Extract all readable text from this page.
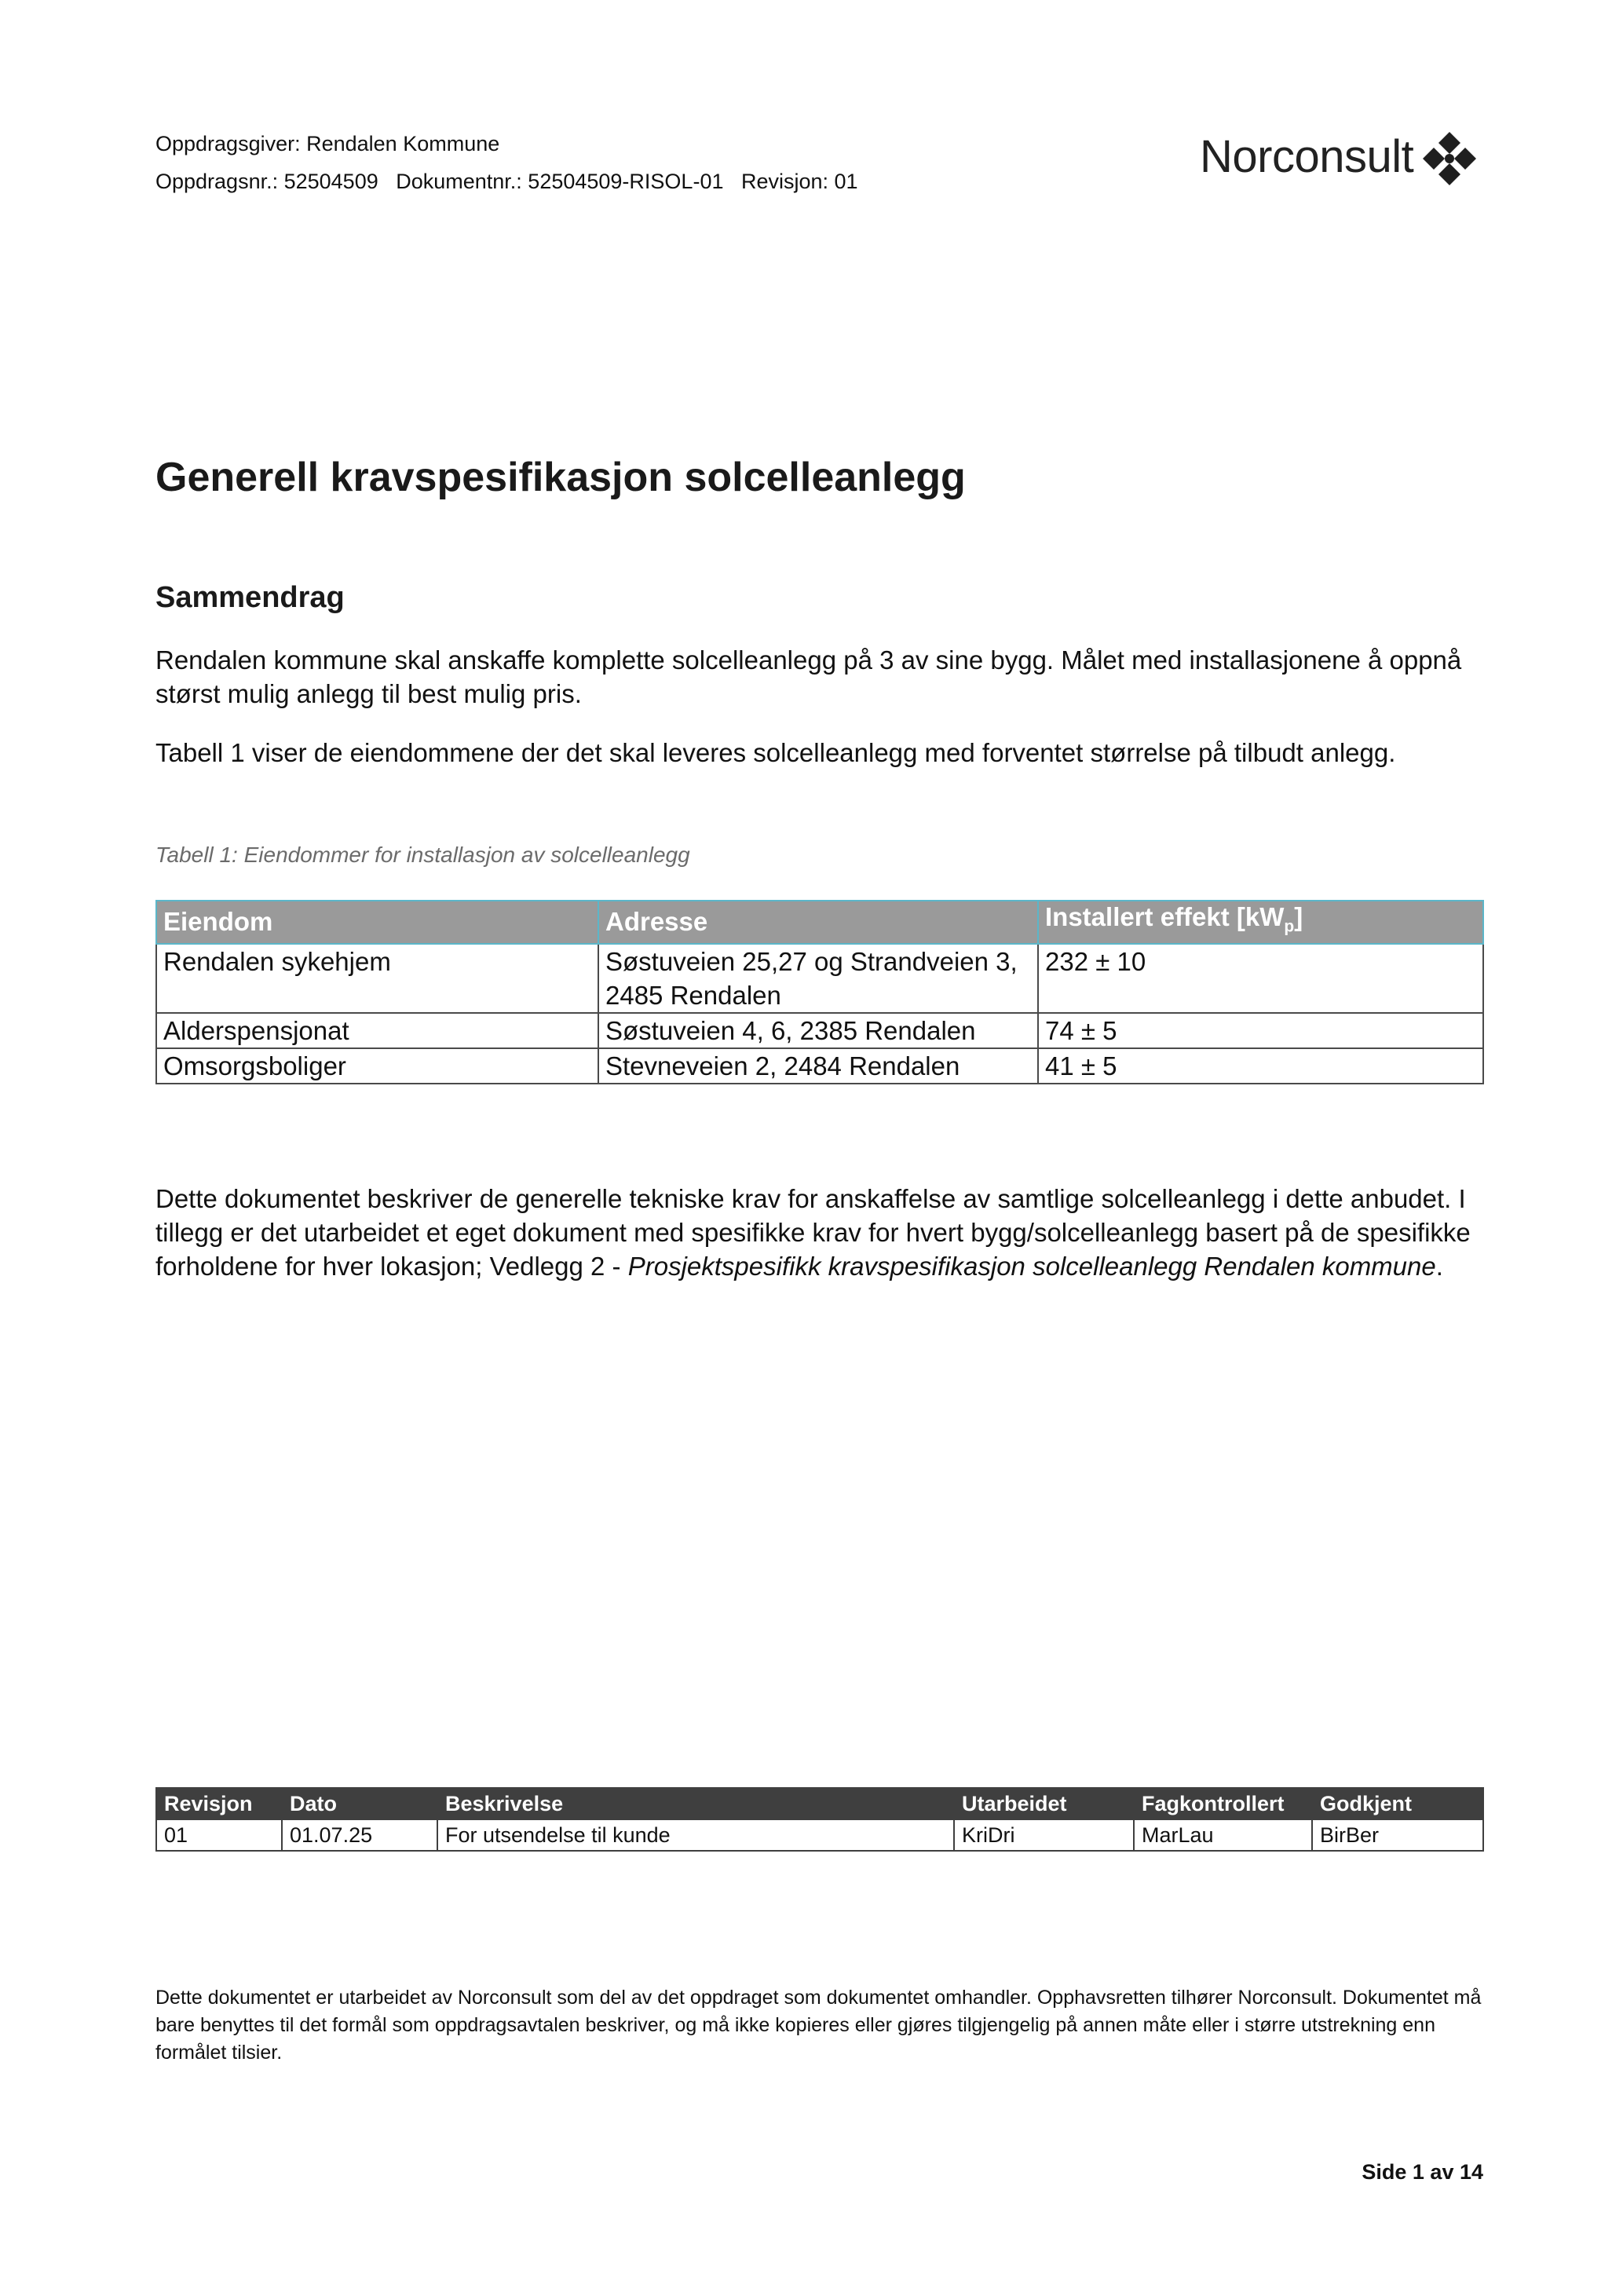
Oppdragsgiver: Rendalen Kommune
Oppdragsnr.: 52504509   Dokumentnr.: 52504509-RISOL-01   Revisjon: 01	Norconsult
Generell kravspesifikasjon solcelleanlegg
Sammendrag

Rendalen kommune skal anskaffe komplette solcelleanlegg på 3 av sine bygg. Målet med installasjonene å oppnå størst mulig anlegg til best mulig pris.

Tabell 1 viser de eiendommene der det skal leveres solcelleanlegg med forventet størrelse på tilbudt anlegg.

Tabell 1: Eiendommer for installasjon av solcelleanlegg
Eiendom	Adresse	Installert effekt $[kW_p]$
Rendalen sykehjem	Søstuveien 25,27 og Strandveien 3, 2485 Rendalen	232 ± 10
Alderspensjonat	Søstuveien 4, 6, 2385 Rendalen	74 ± 5
Omsorgsboliger	Stevneveien 2, 2484 Rendalen	41 ± 5

Dette dokumentet beskriver de generelle tekniske krav for anskaffelse av samtlige solcelleanlegg i dette anbudet. I tillegg er det utarbeidet et eget dokument med spesifikke krav for hvert bygg/solcelleanlegg basert på de spesifikke forholdene for hver lokasjon; Vedlegg 2 - Prosjektspesifikk kravspesifikasjon solcelleanlegg Rendalen kommune.

Revisjon	Dato	Beskrivelse	Utarbeidet	Fagkontrollert	Godkjent
01	01.07.25	For utsendelse til kunde	KriDri	MarLau	BirBer

Dette dokumentet er utarbeidet av Norconsult som del av det oppdraget som dokumentet omhandler. Opphavsretten tilhører Norconsult. Dokumentet må bare benyttes til det formål som oppdragsavtalen beskriver, og må ikke kopieres eller gjøres tilgjengelig på annen måte eller i større utstrekning enn formålet tilsier.

Side 1 av 14
